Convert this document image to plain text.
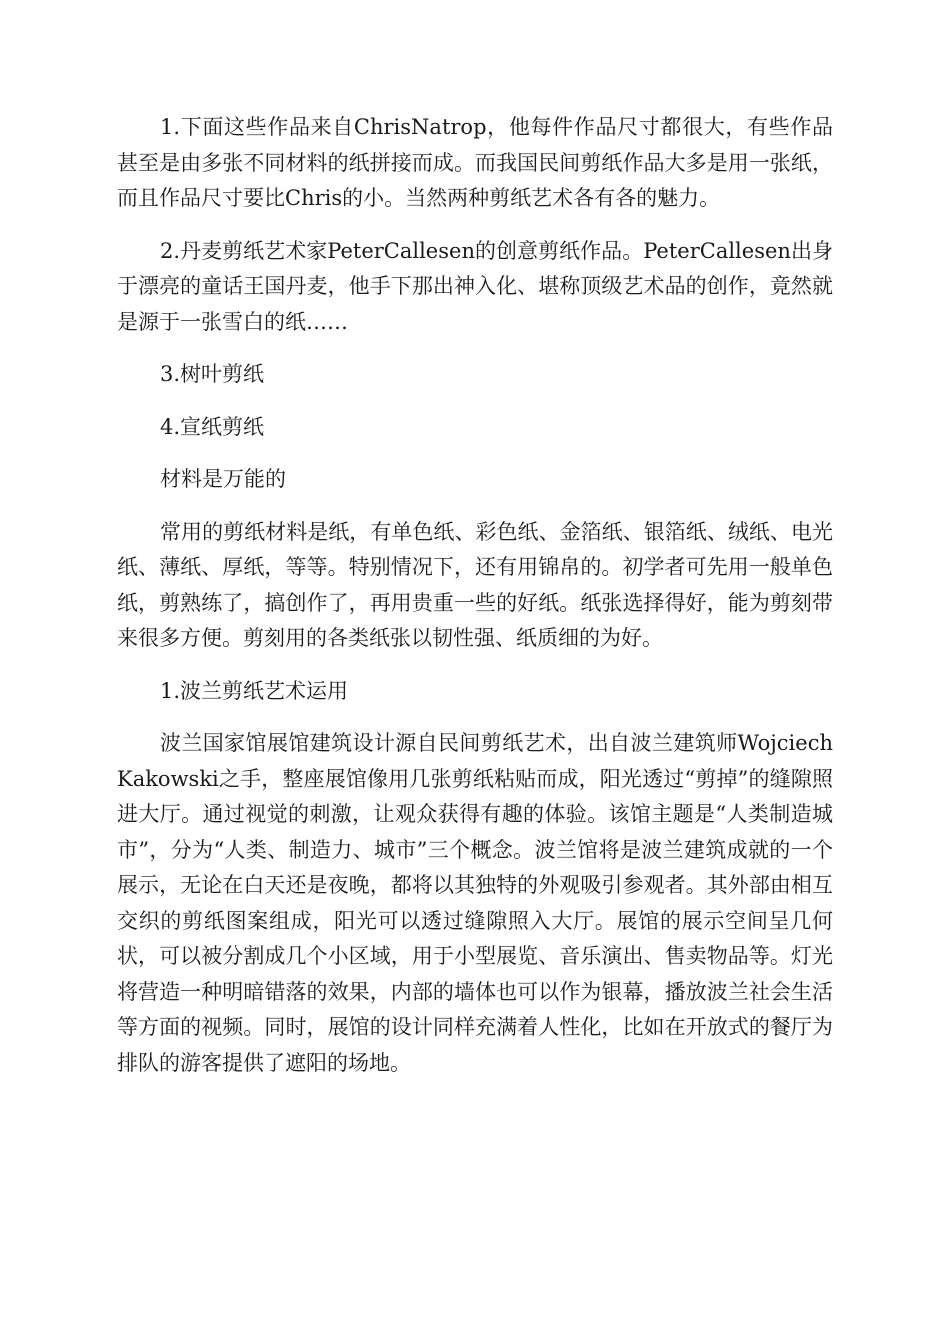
1.下面这些作品来自ChrisNatrop，他每件作品尺寸都很大，有些作品甚至是由多张不同材料的纸拼接而成。而我国民间剪纸作品大多是用一张纸，而且作品尺寸要比Chris的小。当然两种剪纸艺术各有各的魅力。

2.丹麦剪纸艺术家PeterCallesen的创意剪纸作品。PeterCallesen出身于漂亮的童话王国丹麦，他手下那出神入化、堪称顶级艺术品的创作，竟然就是源于一张雪白的纸……

3.树叶剪纸

4.宣纸剪纸

材料是万能的

常用的剪纸材料是纸，有单色纸、彩色纸、金箔纸、银箔纸、绒纸、电光纸、薄纸、厚纸，等等。特别情况下，还有用锦帛的。初学者可先用一般单色纸，剪熟练了，搞创作了，再用贵重一些的好纸。纸张选择得好，能为剪刻带来很多方便。剪刻用的各类纸张以韧性强、纸质细的为好。

1.波兰剪纸艺术运用

波兰国家馆展馆建筑设计源自民间剪纸艺术，出自波兰建筑师WojciechKakowski之手，整座展馆像用几张剪纸粘贴而成，阳光透过“剪掉”的缝隙照进大厅。通过视觉的刺激，让观众获得有趣的体验。该馆主题是“人类制造城市”，分为“人类、制造力、城市”三个概念。波兰馆将是波兰建筑成就的一个展示，无论在白天还是夜晚，都将以其独特的外观吸引参观者。其外部由相互交织的剪纸图案组成，阳光可以透过缝隙照入大厅。展馆的展示空间呈几何状，可以被分割成几个小区域，用于小型展览、音乐演出、售卖物品等。灯光将营造一种明暗错落的效果，内部的墙体也可以作为银幕，播放波兰社会生活等方面的视频。同时，展馆的设计同样充满着人性化，比如在开放式的餐厅为排队的游客提供了遮阳的场地。
